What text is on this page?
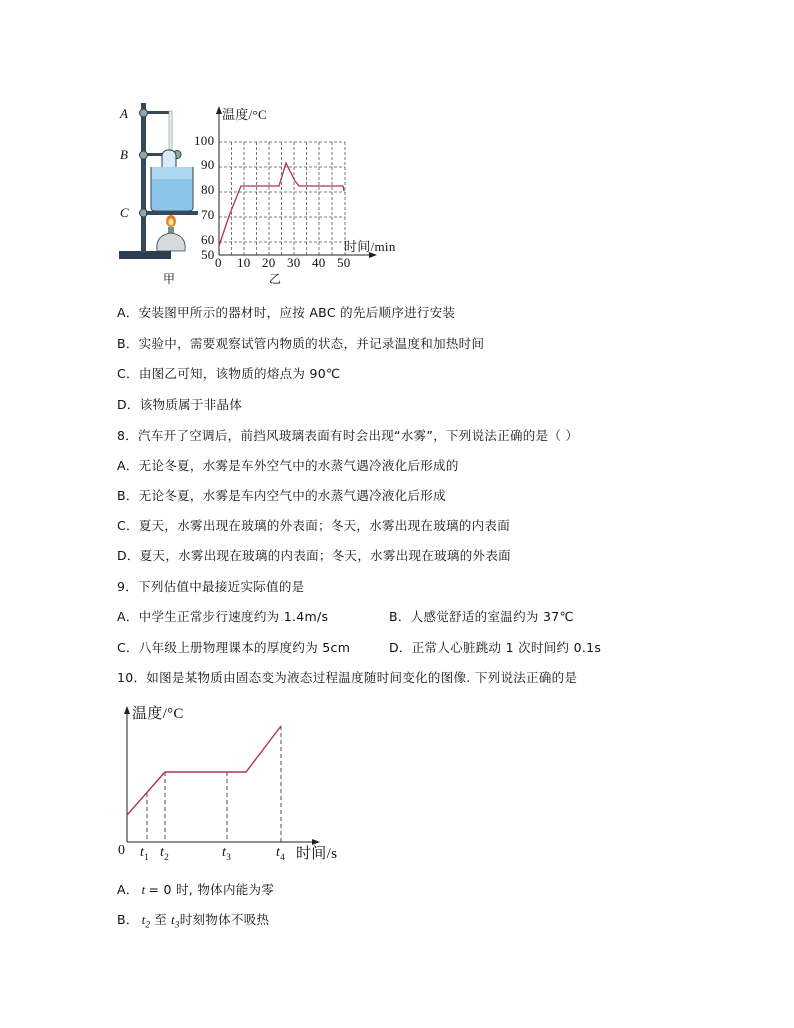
A
B
C
甲
温度/°C
100
90
80
70
60
50
0 10 20 30 40 50
时间/min
乙
A．安装图甲所示的器材时，应按 ABC 的先后顺序进行安装
B．实验中，需要观察试管内物质的状态，并记录温度和加热时间
C．由图乙可知，该物质的熔点为 90℃
D．该物质属于非晶体
8．汽车开了空调后，前挡风玻璃表面有时会出现“水雾”，下列说法正确的是（ ）
A．无论冬夏，水雾是车外空气中的水蒸气遇冷液化后形成的
B．无论冬夏，水雾是车内空气中的水蒸气遇冷液化后形成
C．夏天，水雾出现在玻璃的外表面；冬天，水雾出现在玻璃的内表面
D．夏天，水雾出现在玻璃的内表面；冬天，水雾出现在玻璃的外表面
9．下列估值中最接近实际值的是
A．中学生正常步行速度约为 1.4m/s	B．人感觉舒适的室温约为 37℃
C．八年级上册物理课本的厚度约为 5cm	D．正常人心脏跳动 1 次时间约 0.1s
10．如图是某物质由固态变为液态过程温度随时间变化的图像. 下列说法正确的是
温度/°C
0 $t_1$ $t_2$	$t_3$	$t_4$ 时间/s
A． t = 0 时, 物体内能为零
B． $t_2$ 至 $t_3$时刻物体不吸热
